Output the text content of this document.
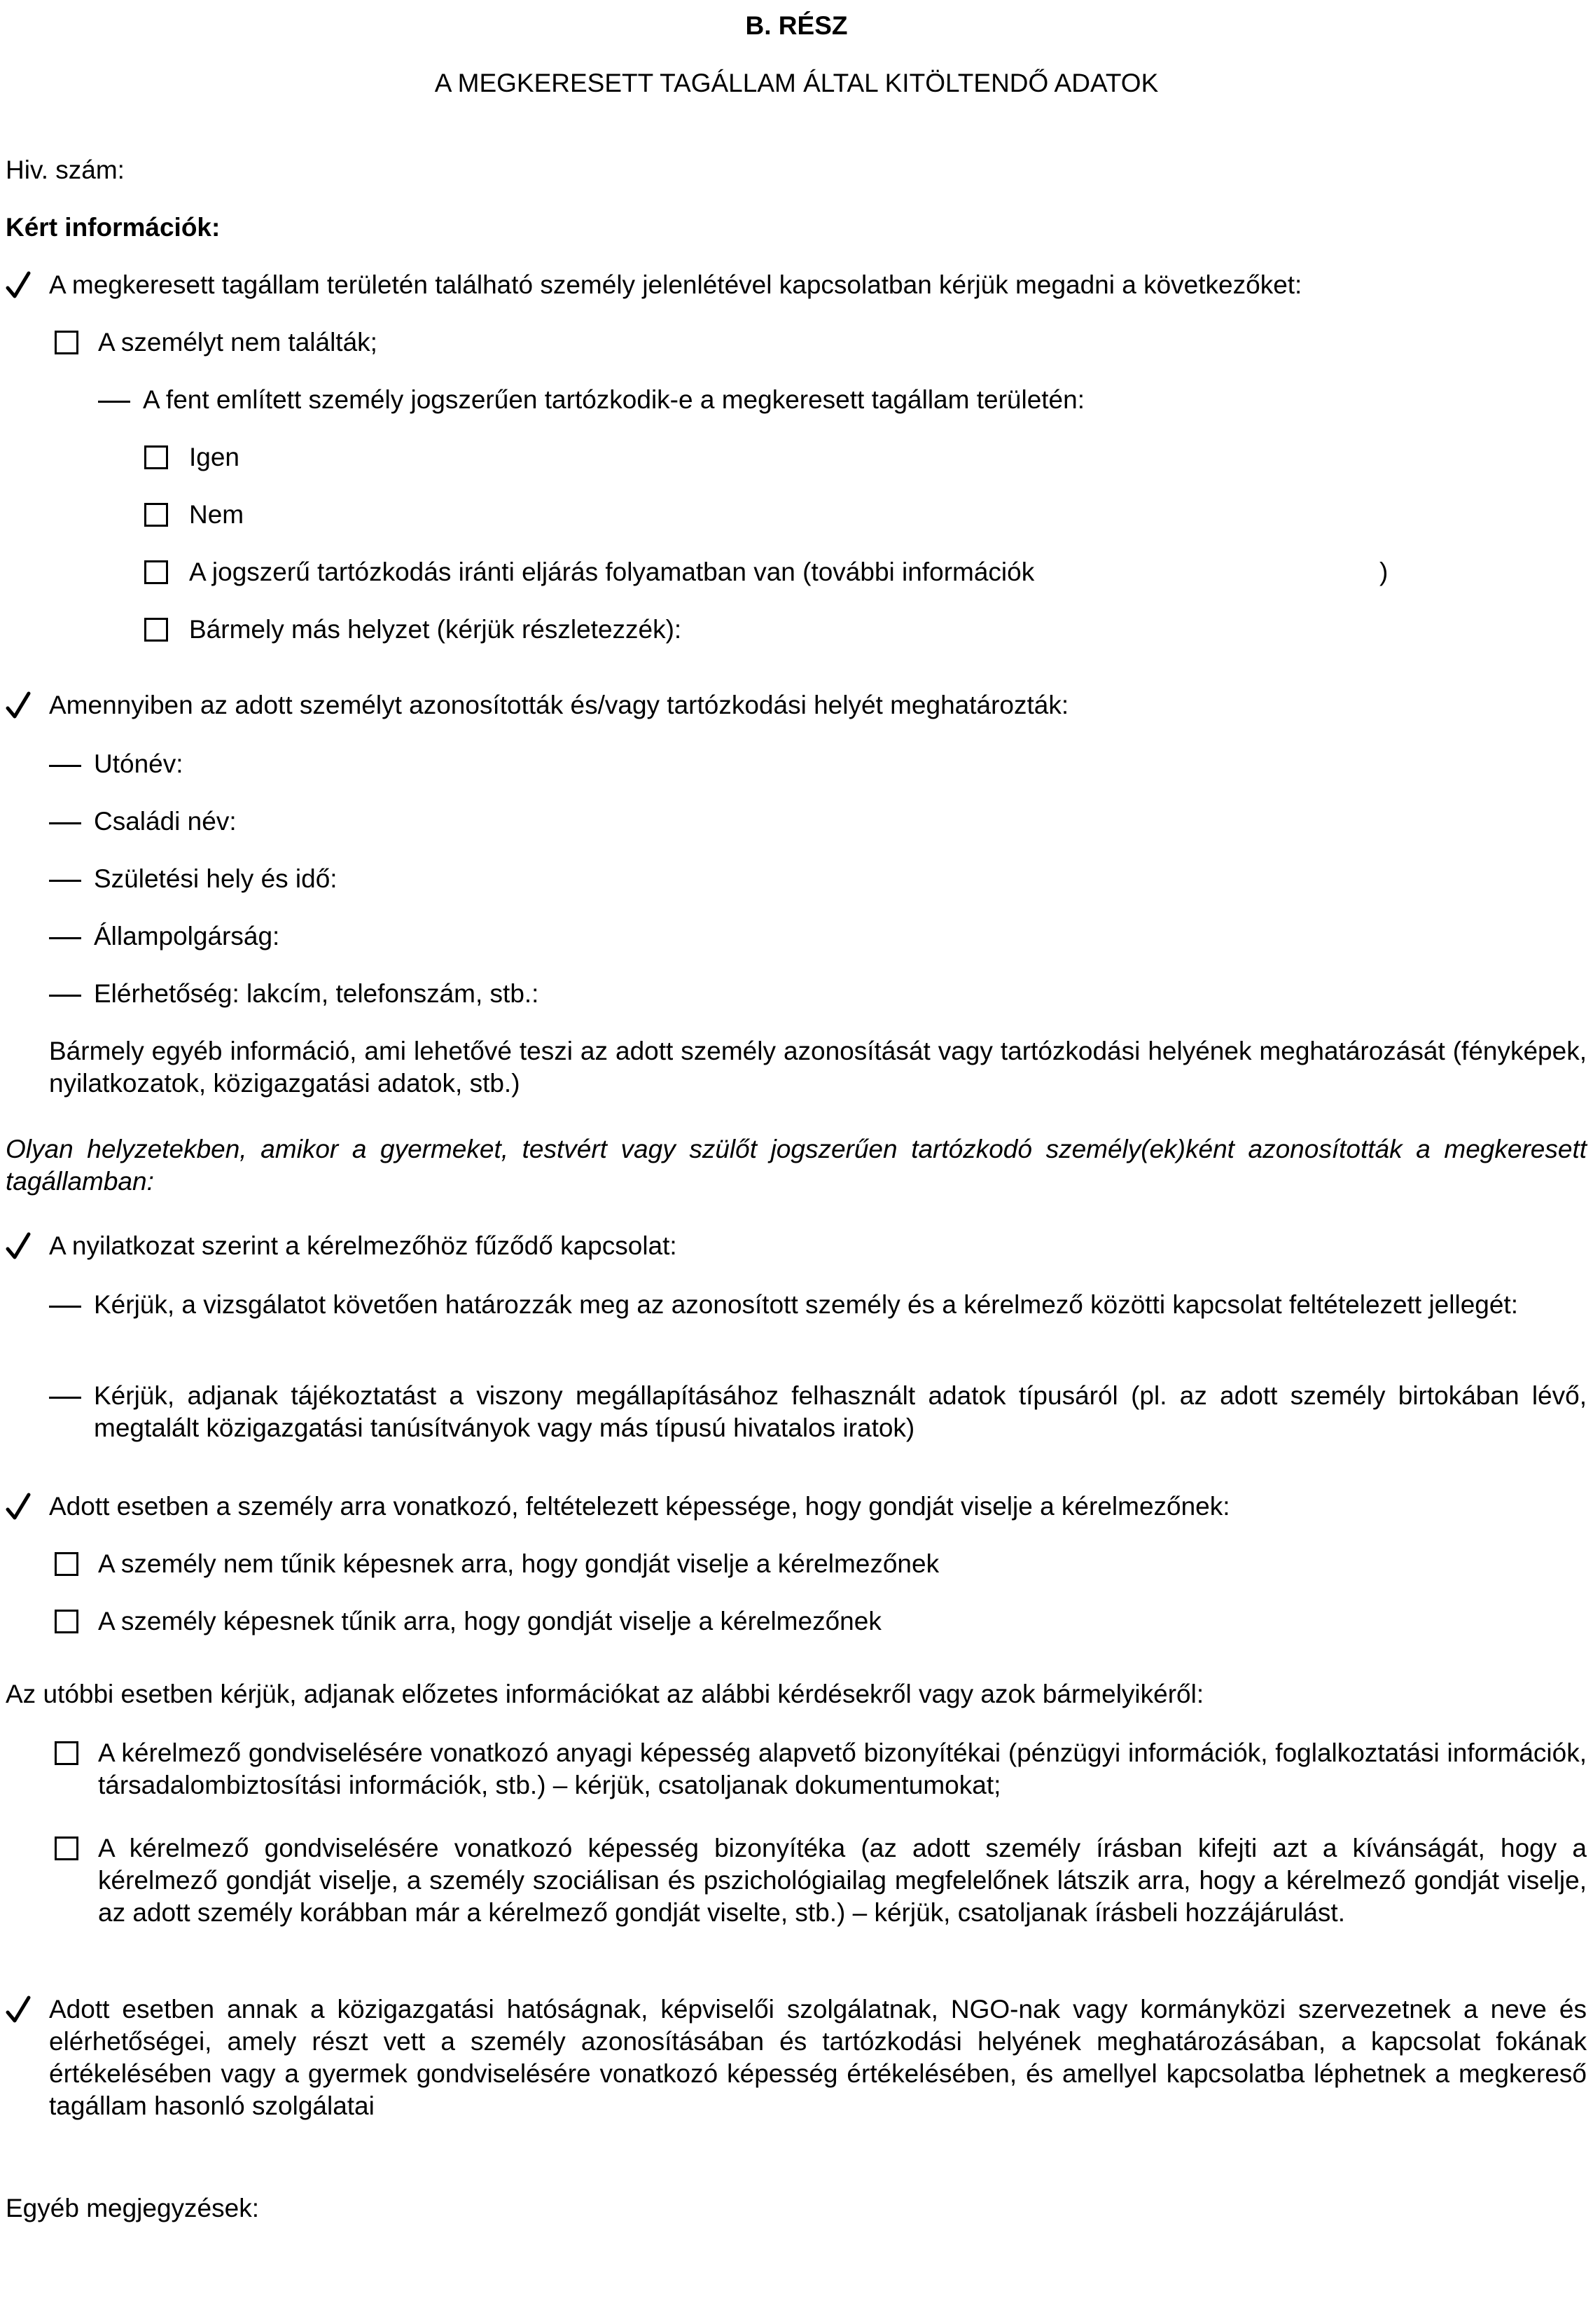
B. RÉSZ
A MEGKERESETT TAGÁLLAM ÁLTAL KITÖLTENDŐ ADATOK
Hiv. szám:
Kért információk:
A megkeresett tagállam területén található személy jelenlétével kapcsolatban kérjük megadni a következőket:
A személyt nem találták;
A fent említett személy jogszerűen tartózkodik-e a megkeresett tagállam területén:
Igen
Nem
A jogszerű tartózkodás iránti eljárás folyamatban van (további információk	)
Bármely más helyzet (kérjük részletezzék):
Amennyiben az adott személyt azonosították és/vagy tartózkodási helyét meghatározták:
Utónév:
Családi név:
Születési hely és idő:
Állampolgárság:
Elérhetőség: lakcím, telefonszám, stb.:
Bármely egyéb információ, ami lehetővé teszi az adott személy azonosítását vagy tartózkodási helyének meghatározását (fényképek, nyilatkozatok, közigazgatási adatok, stb.)
Olyan helyzetekben, amikor a gyermeket, testvért vagy szülőt jogszerűen tartózkodó személy(ek)ként azonosították a megkeresett tagállamban:
A nyilatkozat szerint a kérelmezőhöz fűződő kapcsolat:
Kérjük, a vizsgálatot követően határozzák meg az azonosított személy és a kérelmező közötti kapcsolat feltételezett jellegét:
Kérjük, adjanak tájékoztatást a viszony megállapításához felhasznált adatok típusáról (pl. az adott személy birtokában lévő, megtalált közigazgatási tanúsítványok vagy más típusú hivatalos iratok)
Adott esetben a személy arra vonatkozó, feltételezett képessége, hogy gondját viselje a kérelmezőnek:
A személy nem tűnik képesnek arra, hogy gondját viselje a kérelmezőnek
A személy képesnek tűnik arra, hogy gondját viselje a kérelmezőnek
Az utóbbi esetben kérjük, adjanak előzetes információkat az alábbi kérdésekről vagy azok bármelyikéről:
A kérelmező gondviselésére vonatkozó anyagi képesség alapvető bizonyítékai (pénzügyi információk, foglalkoztatási információk, társadalombiztosítási információk, stb.) – kérjük, csatoljanak dokumentumokat;
A kérelmező gondviselésére vonatkozó képesség bizonyítéka (az adott személy írásban kifejti azt a kívánságát, hogy a kérelmező gondját viselje, a személy szociálisan és pszichológiailag megfelelőnek látszik arra, hogy a kérelmező gondját viselje, az adott személy korábban már a kérelmező gondját viselte, stb.) – kérjük, csatoljanak írásbeli hozzájárulást.
Adott esetben annak a közigazgatási hatóságnak, képviselői szolgálatnak, NGO-nak vagy kormányközi szervezetnek a neve és elérhetőségei, amely részt vett a személy azonosításában és tartózkodási helyének meghatározásában, a kapcsolat fokának értékelésében vagy a gyermek gondviselésére vonatkozó képesség értékelésében, és amellyel kapcsolatba léphetnek a megkereső tagállam hasonló szolgálatai
Egyéb megjegyzések:
